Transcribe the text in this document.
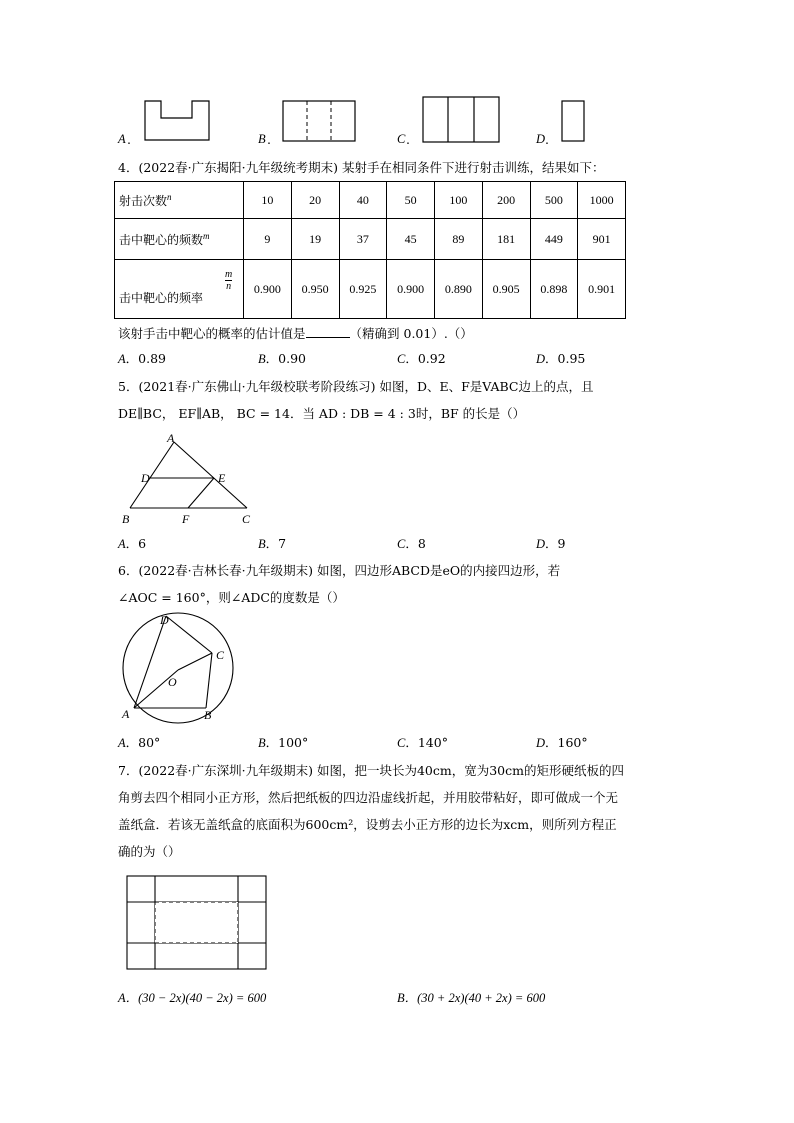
A .	B .	C .	D .
4．(2022春·广东揭阳·九年级统考期末) 某射手在相同条件下进行射击训练，结果如下：
射击次数$^n$	10	20	40	50	100	200	500	1000
击中靶心的频数$^m$	9	19	37	45	89	181	449	901

击中靶心的频率
m
n	0.900	0.950	0.925	0.900	0.890	0.905	0.898	0.901
该射手击中靶心的概率的估计值是	（精确到 0.01）.（）
A．0.89	B．0.90	C．0.92	D．0.95
5．(2021春·广东佛山·九年级校联考阶段练习) 如图，D、E、F是VABC边上的点，且
DE∥BC， EF∥AB， BC = 14．当 AD : DB = 4 : 3时，BF 的长是（）
A
D	E
B	F	C
A．6	B．7	C．8	D．9
6．(2022春·吉林长春·九年级期末) 如图，四边形ABCD是eO的内接四边形，若
∠AOC = 160°，则∠ADC的度数是（）
D
C
O
A	B
A．80°	B．100°	C．140°	D．160°
7．(2022春·广东深圳·九年级期末) 如图，把一块长为40cm，宽为30cm的矩形硬纸板的四
角剪去四个相同小正方形，然后把纸板的四边沿虚线折起，并用胶带粘好，即可做成一个无
盖纸盒．若该无盖纸盒的底面积为600cm²，设剪去小正方形的边长为xcm，则所列方程正
确的为（）
A．(30 − 2x)(40 − 2x) = 600	B．(30 + 2x)(40 + 2x) = 600
